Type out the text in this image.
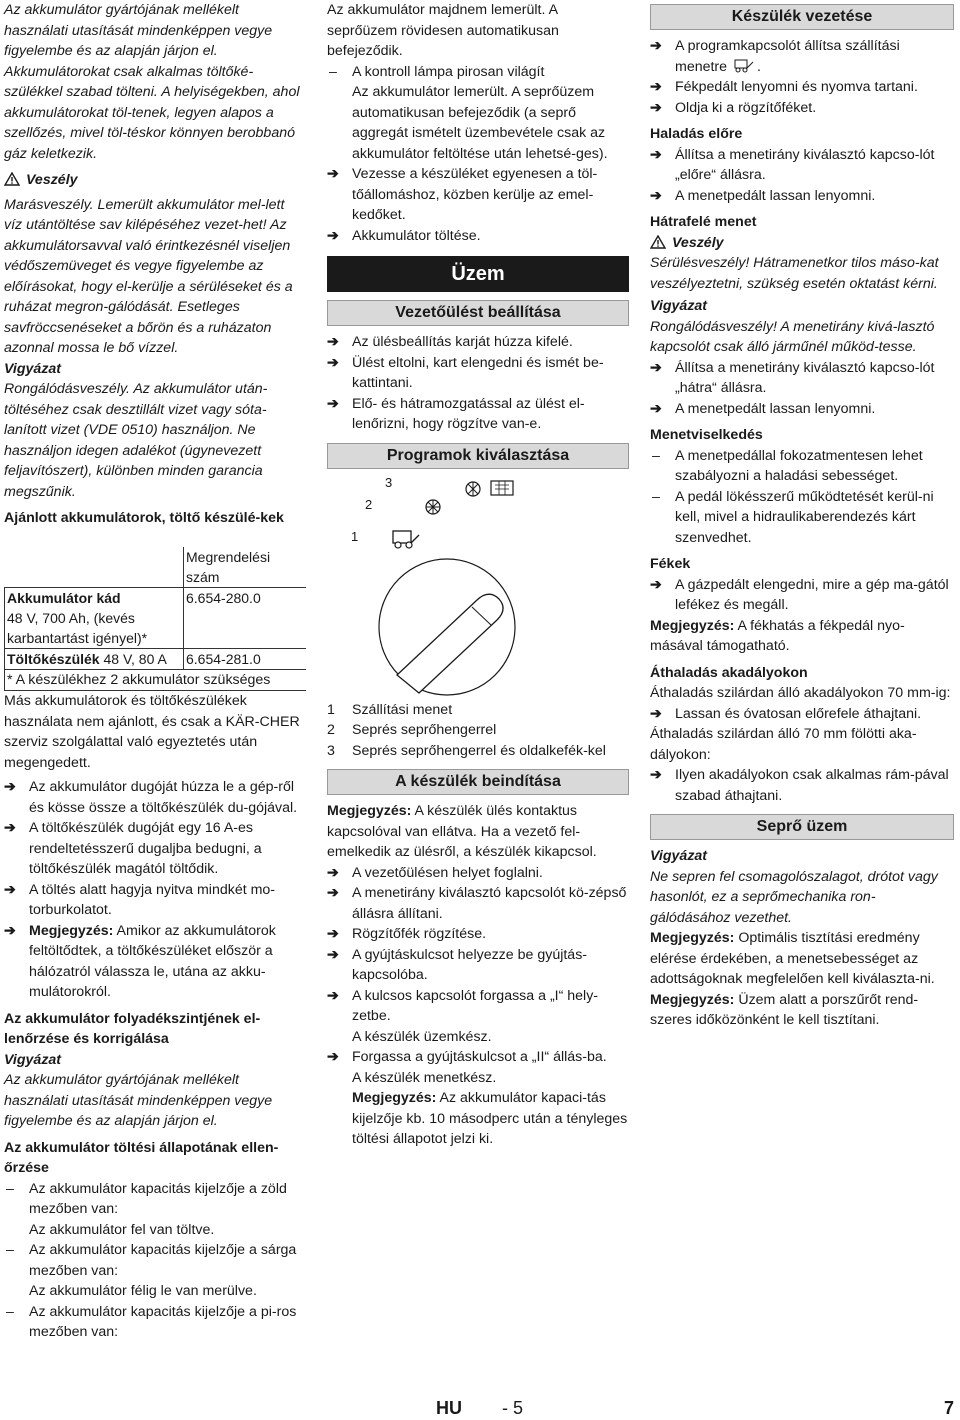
Az akkumulátor gyártójának mellékelt használati utasítását mindenképpen vegye figyelembe és az alapján járjon el. Akkumulátorokat csak alkalmas töltőké-szülékkel szabad tölteni. A helyiségekben, ahol akkumulátorokat töl-tenek, legyen alapos a szellőzés, mivel töl-téskor könnyen berobbanó gáz keletkezik.

Veszély

Marásveszély. Lemerült akkumulátor mel-lett víz utántöltése sav kilépéséhez vezet-het! Az akkumulátorsavval való érintkezésnél viseljen védőszemüveget és vegye figyelembe az előírásokat, hogy el-kerülje a sérüléseket és a ruházat megron-gálódását. Esetleges savfröccsenéseket a bőrön és a ruházaton azonnal mossa le bő vízzel.

Vigyázat

Rongálódásveszély. Az akkumulátor után-töltéséhez csak desztillált vizet vagy sóta-lanított vizet (VDE 0510) használjon. Ne használjon idegen adalékot (úgynevezett feljavítószert), különben minden garancia megszűnik.

Ajánlott akkumulátorok, töltő készülé-kek

	Megrendelési szám
Akkumulátor kád
48 V, 700 Ah, (kevés karbantartást igényel)*	6.654-280.0
Töltőkészülék 48 V, 80 A	6.654-281.0
* A készülékhez 2 akkumulátor szükséges

Más akkumulátorok és töltőkészülékek használata nem ajánlott, és csak a KÄR-CHER szerviz szolgálattal való egyeztetés után megengedett.

➔ Az akkumulátor dugóját húzza le a gép-ről és kösse össze a töltőkészülék du-gójával.

➔ A töltőkészülék dugóját egy 16 A-es rendeltetésszerű dugaljba bedugni, a töltőkészülék magától töltődik.

➔ A töltés alatt hagyja nyitva mindkét mo-torburkolatot.

➔ Megjegyzés: Amikor az akkumulátorok feltöltődtek, a töltőkészüléket először a hálózatról válassza le, utána az akku-mulátorokról.

Az akkumulátor folyadékszintjének el-lenőrzése és korrigálása

Vigyázat

Az akkumulátor gyártójának mellékelt használati utasítását mindenképpen vegye figyelembe és az alapján járjon el.

Az akkumulátor töltési állapotának ellen-őrzése

– Az akkumulátor kapacitás kijelzője a zöld mezőben van:

Az akkumulátor fel van töltve.

– Az akkumulátor kapacitás kijelzője a sárga mezőben van:

Az akkumulátor félig le van merülve.

– Az akkumulátor kapacitás kijelzője a pi-ros mezőben van:

Az akkumulátor majdnem lemerült. A seprőüzem rövidesen automatikusan befejeződik.

– A kontroll lámpa pirosan világít

Az akkumulátor lemerült. A seprőüzem automatikusan befejeződik (a seprő aggregát ismételt üzembevétele csak az akkumulátor feltöltése után lehetsé-ges).

➔ Vezesse a készüléket egyenesen a töl-tőállomáshoz, közben kerülje az emel-kedőket.

➔ Akkumulátor töltése.

Üzem
Vezetőülést beállítása

➔ Az ülésbeállítás karját húzza kifelé.

➔ Ülést eltolni, kart elengedni és ismét be-kattintani.

➔ Elő- és hátramozgatással az ülést el-lenőrizni, hogy rögzítve van-e.

Programok kiválasztása
1
2
3

1 Szállítási menet

2 Seprés seprőhengerrel

3 Seprés seprőhengerrel és oldalkefék-kel

A készülék beindítása

Megjegyzés: A készülék ülés kontaktus kapcsolóval van ellátva. Ha a vezető fel-emelkedik az ülésről, a készülék kikapcsol.

➔ A vezetőülésen helyet foglalni.

➔ A menetirány kiválasztó kapcsolót kö-zépső állásra állítani.

➔ Rögzítőfék rögzítése.

➔ A gyújtáskulcsot helyezze be gyújtás-kapcsolóba.

➔ A kulcsos kapcsolót forgassa a „I“ hely-zetbe.

A készülék üzemkész.

➔ Forgassa a gyújtáskulcsot a „II“ állás-ba.

A készülék menetkész.

Megjegyzés: Az akkumulátor kapaci-tás kijelzője kb. 10 másodperc után a tényleges töltési állapotot jelzi ki.

Készülék vezetése

➔ A programkapcsolót állítsa szállítási menetre .

➔ Fékpedált lenyomni és nyomva tartani.

➔ Oldja ki a rögzítőféket.

Haladás előre

➔ Állítsa a menetirány kiválasztó kapcso-lót „előre“ állásra.

➔ A menetpedált lassan lenyomni.

Hátrafelé menet

Veszély

Sérülésveszély! Hátramenetkor tilos máso-kat veszélyeztetni, szükség esetén oktatást kérni.

Vigyázat

Rongálódásveszély! A menetirány kivá-lasztó kapcsolót csak álló járműnél működ-tesse.

➔ Állítsa a menetirány kiválasztó kapcso-lót „hátra“ állásra.

➔ A menetpedált lassan lenyomni.

Menetviselkedés

– A menetpedállal fokozatmentesen lehet szabályozni a haladási sebességet.

– A pedál lökésszerű működtetését kerül-ni kell, mivel a hidraulikaberendezés kárt szenvedhet.

Fékek

➔ A gázpedált elengedni, mire a gép ma-gától lefékez és megáll.

Megjegyzés: A fékhatás a fékpedál nyo-másával támogatható.

Áthaladás akadályokon

Áthaladás szilárdan álló akadályokon 70 mm-ig:

➔ Lassan és óvatosan előrefele áthajtani.

Áthaladás szilárdan álló 70 mm fölötti aka-dályokon:

➔ Ilyen akadályokon csak alkalmas rám-pával szabad áthajtani.

Seprő üzem

Vigyázat

Ne sepren fel csomagolószalagot, drótot vagy hasonlót, ez a seprőmechanika ron-gálódásához vezethet.

Megjegyzés: Optimális tisztítási eredmény elérése érdekében, a menetsebességet az adottságoknak megfelelően kell kiválaszta-ni.

Megjegyzés: Üzem alatt a porszűrőt rend-szeres időközönként le kell tisztítani.

HU - 5	7
